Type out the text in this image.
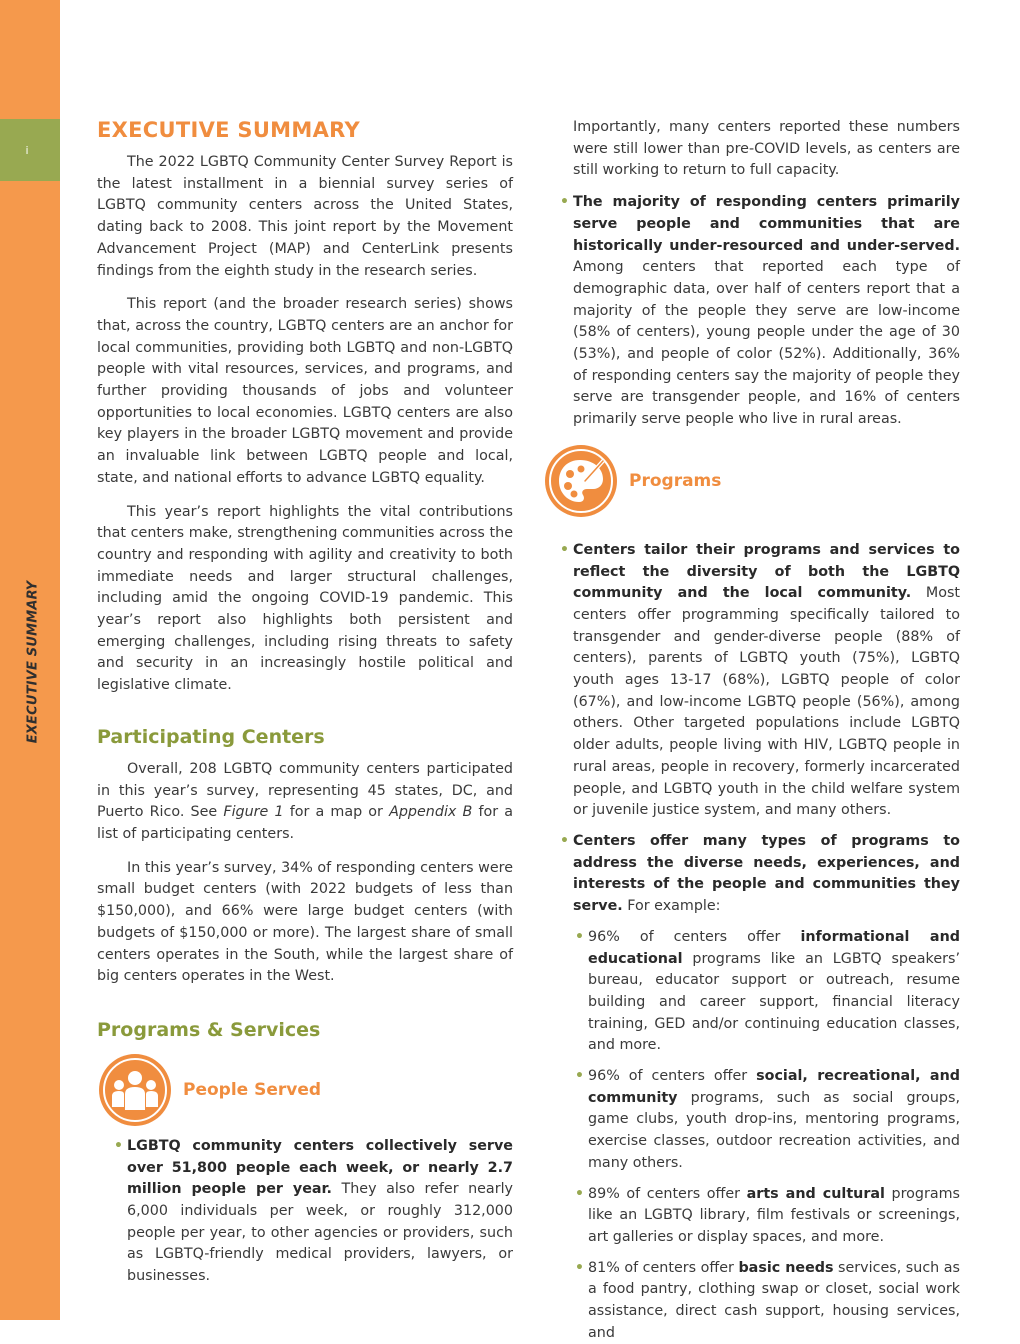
i
EXECUTIVE SUMMARY
EXECUTIVE SUMMARY

The 2022 LGBTQ Community Center Survey Report is the latest installment in a biennial survey series of LGBTQ community centers across the United States, dating back to 2008. This joint report by the Movement Advancement Project (MAP) and CenterLink presents findings from the eighth study in the research series.

This report (and the broader research series) shows that, across the country, LGBTQ centers are an anchor for local communities, providing both LGBTQ and non-LGBTQ people with vital resources, services, and programs, and further providing thousands of jobs and volunteer opportunities to local economies. LGBTQ centers are also key players in the broader LGBTQ movement and provide an invaluable link between LGBTQ people and local, state, and national efforts to advance LGBTQ equality.

This year’s report highlights the vital contributions that centers make, strengthening communities across the country and responding with agility and creativity to both immediate needs and larger structural challenges, including amid the ongoing COVID-19 pandemic. This year’s report also highlights both persistent and emerging challenges, including rising threats to safety and security in an increasingly hostile political and legislative climate.

Participating Centers

Overall, 208 LGBTQ community centers participated in this year’s survey, representing 45 states, DC, and Puerto Rico. See Figure 1 for a map or Appendix B for a list of participating centers.

In this year’s survey, 34% of responding centers were small budget centers (with 2022 budgets of less than $150,000), and 66% were large budget centers (with budgets of $150,000 or more). The largest share of small centers operates in the South, while the largest share of big centers operates in the West.

Programs & Services
People Served
• LGBTQ community centers collectively serve over 51,800 people each week, or nearly 2.7 million people per year. They also refer nearly 6,000 individuals per week, or roughly 312,000 people per year, to other agencies or providers, such as LGBTQ-friendly medical providers, lawyers, or businesses.

Importantly, many centers reported these numbers were still lower than pre-COVID levels, as centers are still working to return to full capacity.

• The majority of responding centers primarily serve people and communities that are historically under-resourced and under-served. Among centers that reported each type of demographic data, over half of centers report that a majority of the people they serve are low-income (58% of centers), young people under the age of 30 (53%), and people of color (52%). Additionally, 36% of responding centers say the majority of people they serve are transgender people, and 16% of centers primarily serve people who live in rural areas.

Programs
• Centers tailor their programs and services to reflect the diversity of both the LGBTQ community and the local community. Most centers offer programming specifically tailored to transgender and gender-diverse people (88% of centers), parents of LGBTQ youth (75%), LGBTQ youth ages 13-17 (68%), LGBTQ people of color (67%), and low-income LGBTQ people (56%), among others. Other targeted populations include LGBTQ older adults, people living with HIV, LGBTQ people in rural areas, people in recovery, formerly incarcerated people, and LGBTQ youth in the child welfare system or juvenile justice system, and many others.

• Centers offer many types of programs to address the diverse needs, experiences, and interests of the people and communities they serve. For example:

• 96% of centers offer informational and educational programs like an LGBTQ speakers’ bureau, educator support or outreach, resume building and career support, financial literacy training, GED and/or continuing education classes, and more.

• 96% of centers offer social, recreational, and community programs, such as social groups, game clubs, youth drop-ins, mentoring programs, exercise classes, outdoor recreation activities, and many others.

• 89% of centers offer arts and cultural programs like an LGBTQ library, film festivals or screenings, art galleries or display spaces, and more.

• 81% of centers offer basic needs services, such as a food pantry, clothing swap or closet, social work assistance, direct cash support, housing services, and
